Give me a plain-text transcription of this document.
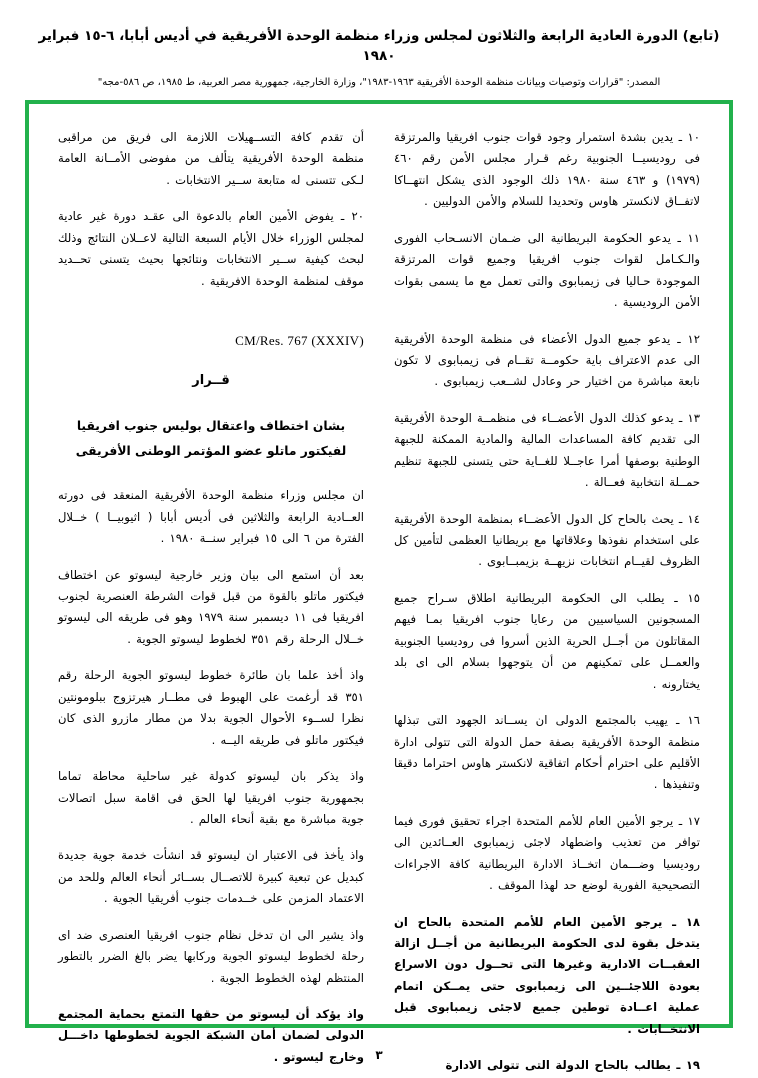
(تابع) الدورة العادية الرابعة والثلاثون لمجلس وزراء منظمة الوحدة الأفريقية في أديس أبابا، ٦-١٥ فبراير ١٩٨٠
المصدر: "قرارات وتوصيات وبيانات منظمة الوحدة الأفريقية ١٩٦٣-١٩٨٣"، وزارة الخارجية، جمهورية مصر العربية، ط ١٩٨٥، ص ٥٨٦-مجه"

١٠ ـ يدين بشدة استمرار وجود قوات جنوب افريقيا والمرتزقة فى روديسيــا الجنوبية رغم قـرار مجلس الأمن رقم ٤٦٠ (١٩٧٩) و ٤٦٣ سنة ١٩٨٠ ذلك الوجود الذى يشكل انتهــاكا لاتفــاق لانكستر هاوس وتحديدا للسلام والأمن الدوليين .

١١ ـ يدعو الحكومة البريطانية الى ضـمان الانسـحاب الفورى والـكـامل لقوات جنوب افريقيا وجميع قوات المرتزقة الموجودة حـاليا فى زيمبابوى والتى تعمل مع ما يسمى بقوات الأمن الروديسية .

١٢ ـ يدعو جميع الدول الأعضاء فى منظمة الوحدة الأفريقية الى عدم الاعتراف باية حكومــة تقــام فى زيمبابوى لا تكون نابعة مباشرة من اختيار حر وعادل لشــعب زيمبابوى .

١٣ ـ يدعو كذلك الدول الأعضــاء فى منظمــة الوحدة الأفريقية الى تقديم كافة المساعدات المالية والمادية الممكنة للجبهة الوطنية بوصفها أمرا عاجــلا للغــاية حتى يتسنى للجبهة تنظيم حمــلة انتخابية فعــالة .

١٤ ـ يحث بالحاح كل الدول الأعضــاء بمنظمة الوحدة الأفريقية على استخدام نفوذها وعلاقاتها مع بريطانيا العظمى لتأمين كل الظروف لقيــام انتخابات نزيهــة بزيمبــابوى .

١٥ ـ يطلب الى الحكومة البريطانية اطلاق سـراح جميع المسجونين السياسيين من رعايا جنوب افريقيا بمـا فيهم المقاتلون من أجــل الحرية الذين أسروا فى روديسيا الجنوبية والعمــل على تمكينهم من أن يتوجهوا بسلام الى اى بلد يختارونه .

١٦ ـ يهيب بالمجتمع الدولى ان يســاند الجهود التى تبذلها منظمة الوحدة الأفريقية بصفة حمل الدولة التى تتولى ادارة الأقليم على احترام أحكام اتفاقية لانكستر هاوس احتراما دقيقا وتنفيذها .

١٧ ـ يرجو الأمين العام للأمم المتحدة اجراء تحقيق فورى فيما توافر من تعذيب واضطهاد لاجئى زيمبابوى العــائدين الى روديسيا وضـــمان اتخــاذ الادارة البريطانية كافة الاجراءات التصحيحية الفورية لوضع حد لهذا الموقف .

١٨ ـ يرجو الأمين العام للأمم المتحدة بالحاح ان يتدخل بقوة لدى الحكومة البريطانية من أجــل ازالة العقبــات الادارية وغيرها التى تحــول دون الاسراع بعودة اللاجئــين الى زيمبابوى حتى يمــكن اتمام عملية اعــادة توطين جميع لاجئى زيمبابوى قبل الانتخــابات .

١٩ ـ يطالب بالحاح الدولة التى تتولى الادارة

أن تقدم كافة التســهيلات اللازمة الى فريق من مراقبى منظمة الوحدة الأفريقية يتألف من مفوضى الأمــانة العامة لـكى تتسنى له متابعة ســير الانتخابات .

٢٠ ـ يفوض الأمين العام بالدعوة الى عقـد دورة غير عادية لمجلس الوزراء خلال الأيام السبعة التالية لاعــلان النتائج وذلك لبحث كيفية ســير الانتخابات ونتائجها بحيث يتسنى تحــديد موقف لمنظمة الوحدة الافريقية .

CM/Res. 767 (XXXIV)
قــرار
بشان اختطاف واعتقال بوليس جنوب افريقيا
لفيكتور ماتلو عضو المؤتمر الوطنى الأفريقى

ان مجلس وزراء منظمة الوحدة الأفريقية المنعقد فى دورته العــادية الرابعة والثلاثين فى أديس أبابا ( اثيوبيــا ) خــلال الفترة من ٦ الى ١٥ فبراير سنــة ١٩٨٠ .

بعد أن استمع الى بيان وزير خارجية ليسوتو عن اختطاف فيكتور ماتلو بالقوة من قبل قوات الشرطة العنصرية لجنوب افريقيا فى ١١ ديسمبر سنة ١٩٧٩ وهو فى طريقه الى ليسوتو خــلال الرحلة رقم ٣٥١ لخطوط ليسوتو الجوية .

واذ أخذ علما بان طائرة خطوط ليسوتو الجوية الرحلة رقم ٣٥١ قد أرغمت على الهبوط فى مطــار هيرتزوج ببلومونتين نظرا لســوء الأحوال الجوية بدلا من مطار مازرو الذى كان فيكتور ماتلو فى طريقه اليــه .

واذ يذكر بان ليسوتو كدولة غير ساحلية محاطة تماما بجمهورية جنوب افريقيا لها الحق فى اقامة سبل اتصالات جوية مباشرة مع بقية أنحاء العالم .

واذ يأخذ فى الاعتبار ان ليسوتو قد انشأت خدمة جوية جديدة كبديل عن تبعية كبيرة للاتصــال بســائر أنحاء العالم وللحد من الاعتماد المزمن على خــدمات جنوب أفريقيا الجوية .

واذ يشير الى ان تدخل نظام جنوب افريقيا العنصرى ضد اى رحلة لخطوط ليسوتو الجوية وركابها يضر بالغ الضرر بالتطور المنتظم لهذه الخطوط الجوية .

واذ يؤكد أن ليسوتو من حقها التمتع بحماية المجتمع الدولى لضمان أمان الشبكة الجوية لخطوطها داخـــل وخارج ليسوتو . ٣
